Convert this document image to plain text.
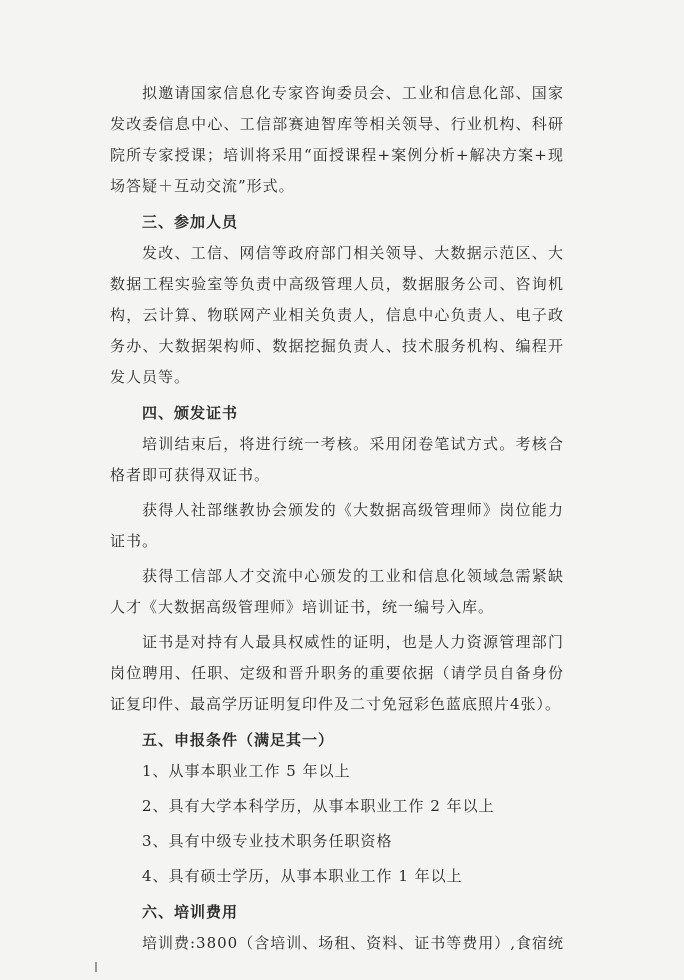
拟邀请国家信息化专家咨询委员会、工业和信息化部、国家发改委信息中心、工信部赛迪智库等相关领导、行业机构、科研院所专家授课；培训将采用“面授课程+案例分析+解决方案+现场答疑＋互动交流”形式。

三、参加人员

发改、工信、网信等政府部门相关领导、大数据示范区、大数据工程实验室等负责中高级管理人员，数据服务公司、咨询机构，云计算、物联网产业相关负责人，信息中心负责人、电子政务办、大数据架构师、数据挖掘负责人、技术服务机构、编程开发人员等。

四、颁发证书

培训结束后，将进行统一考核。采用闭卷笔试方式。考核合格者即可获得双证书。

获得人社部继教协会颁发的《大数据高级管理师》岗位能力证书。

获得工信部人才交流中心颁发的工业和信息化领域急需紧缺人才《大数据高级管理师》培训证书，统一编号入库。

证书是对持有人最具权威性的证明，也是人力资源管理部门岗位聘用、任职、定级和晋升职务的重要依据（请学员自备身份证复印件、最高学历证明复印件及二寸免冠彩色蓝底照片4张）。

五、申报条件（满足其一）

1、从事本职业工作 5 年以上

2、具有大学本科学历，从事本职业工作 2 年以上

3、具有中级专业技术职务任职资格

4、具有硕士学历，从事本职业工作 1 年以上

六、培训费用

培训费:3800（含培训、场租、资料、证书等费用）,食宿统
